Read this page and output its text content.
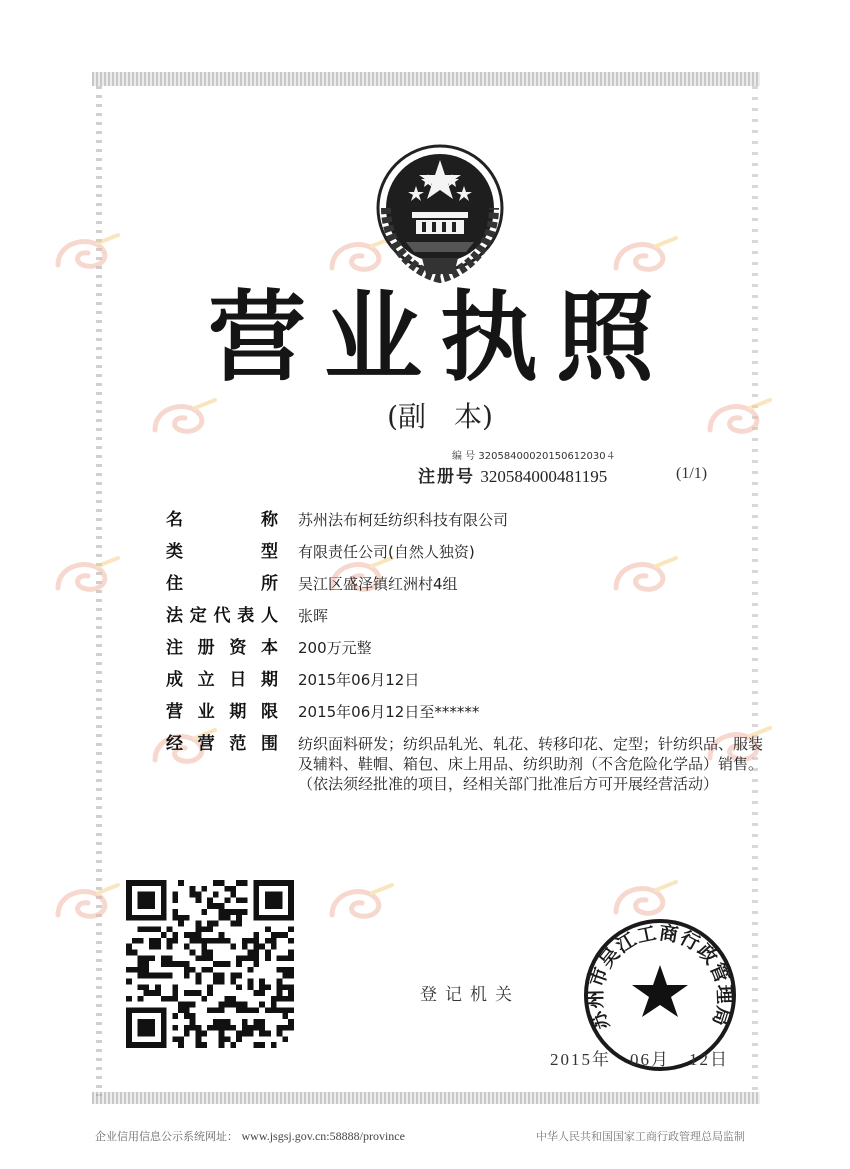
营业执照
(副　本)
编 号 32058400020150612030４
注册号 320584000481195	(1/1)
名	称 苏州法布柯廷纺织科技有限公司
类	型 有限责任公司(自然人独资)
住	所 吴江区盛泽镇红洲村4组
法 定 代 表 人 张晖
注 册 资 本 200万元整
成 立 日 期 2015年06月12日
营 业 期 限 2015年06月12日至******
经 营 范 围 纺织面料研发；纺织品轧光、轧花、转移印花、定型；针纺织品、服装及辅料、鞋帽、箱包、床上用品、纺织助剂（不含危险化学品）销售。（依法须经批准的项目，经相关部门批准后方可开展经营活动）
登记机关
苏州市吴江工商行政管理局
2015年　06月　12日
企业信用信息公示系统网址： www.jsgsj.gov.cn:58888/province	中华人民共和国国家工商行政管理总局监制
